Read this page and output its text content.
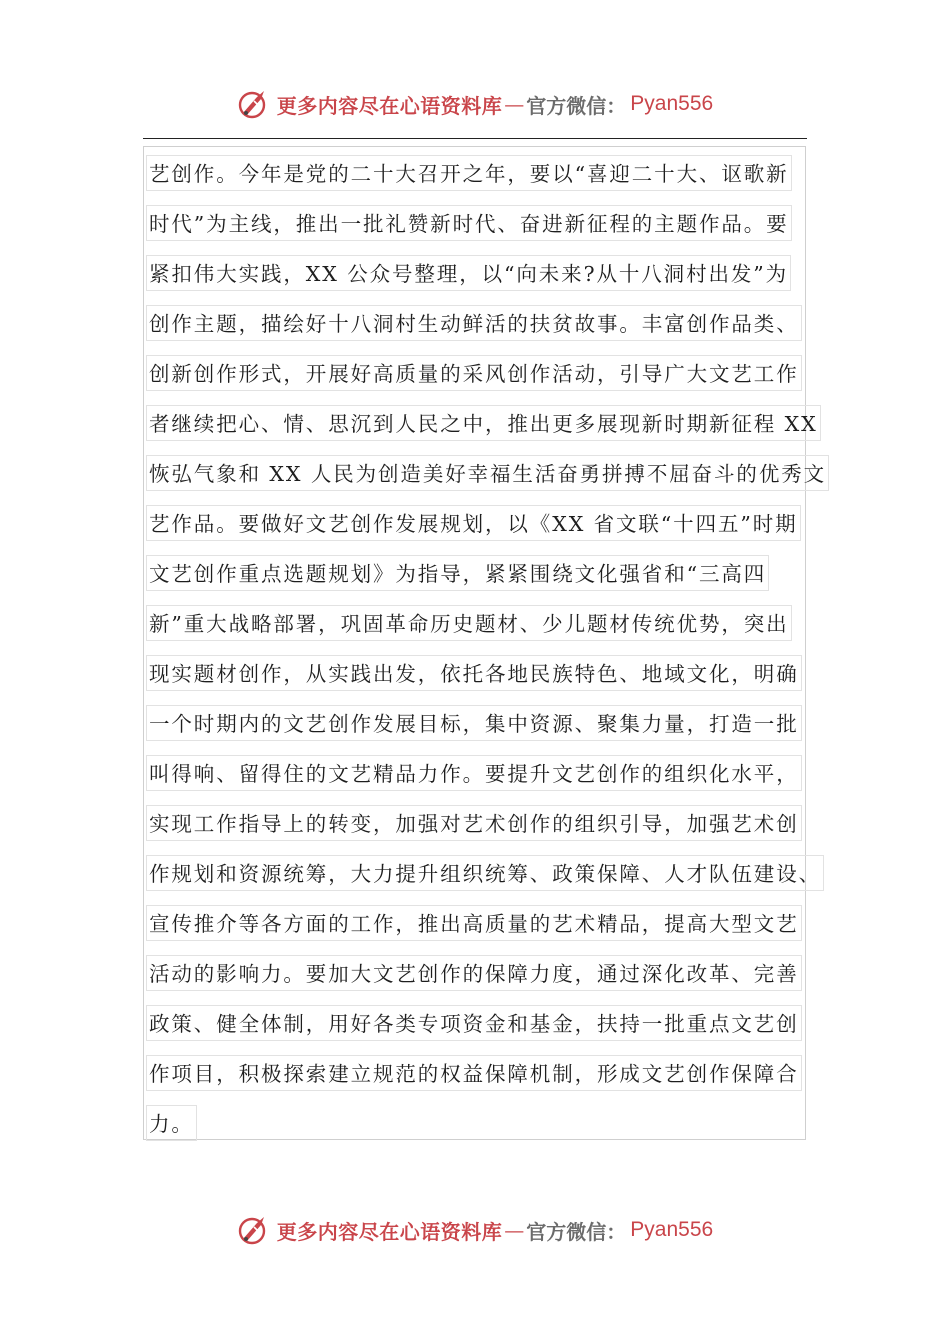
更多内容尽在心语资料库 — 官方微信： Pyan556
艺创作。今年是党的二十大召开之年，要以“喜迎二十大、讴歌新
时代”为主线，推出一批礼赞新时代、奋进新征程的主题作品。要
紧扣伟大实践，XX 公众号整理，以“向未来?从十八洞村出发”为
创作主题，描绘好十八洞村生动鲜活的扶贫故事。丰富创作品类、
创新创作形式，开展好高质量的采风创作活动，引导广大文艺工作
者继续把心、情、思沉到人民之中，推出更多展现新时期新征程 XX
恢弘气象和 XX 人民为创造美好幸福生活奋勇拼搏不屈奋斗的优秀文
艺作品。要做好文艺创作发展规划，以《XX 省文联“十四五”时期
文艺创作重点选题规划》为指导，紧紧围绕文化强省和“三高四
新”重大战略部署，巩固革命历史题材、少儿题材传统优势，突出
现实题材创作，从实践出发，依托各地民族特色、地域文化，明确
一个时期内的文艺创作发展目标，集中资源、聚集力量，打造一批
叫得响、留得住的文艺精品力作。要提升文艺创作的组织化水平，
实现工作指导上的转变，加强对艺术创作的组织引导，加强艺术创
作规划和资源统筹，大力提升组织统筹、政策保障、人才队伍建设、
宣传推介等各方面的工作，推出高质量的艺术精品，提高大型文艺
活动的影响力。要加大文艺创作的保障力度，通过深化改革、完善
政策、健全体制，用好各类专项资金和基金，扶持一批重点文艺创
作项目，积极探索建立规范的权益保障机制，形成文艺创作保障合
力。
更多内容尽在心语资料库 — 官方微信： Pyan556
